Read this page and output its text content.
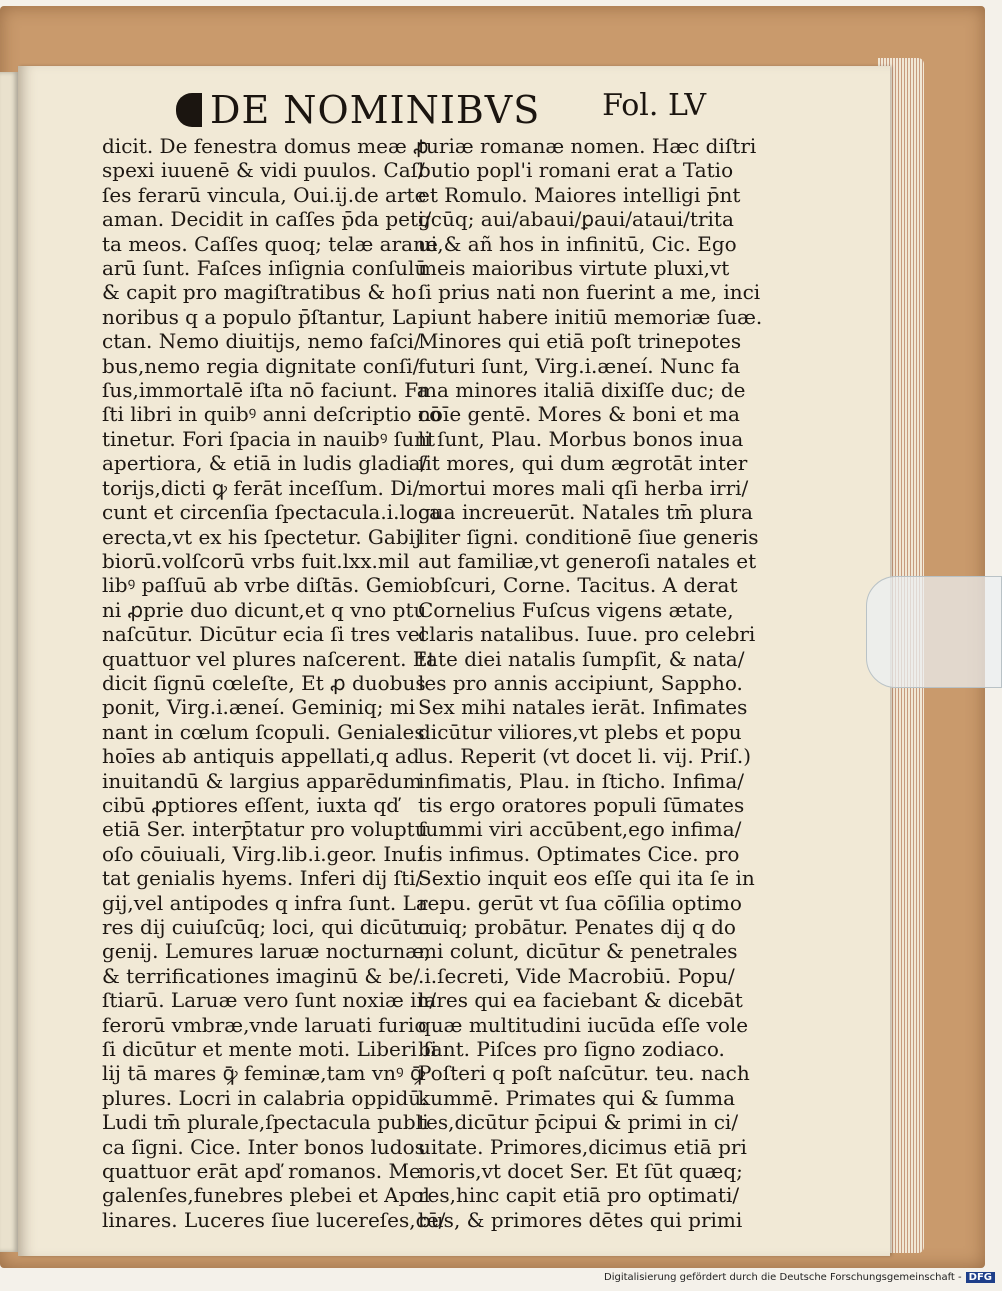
DE NOMINIBVS Fol. LV
dicit. De fenestra domus meæ ꝓ
spexi iuuenē & vidi puulos. Caſ/
ſes ferarū vincula, Oui.ij.de arte
aman. Decidit in caſſes p̄da peti/
ta meos. Caſſes quoq; telæ arane
arū ſunt. Faſces inſignia conſulū
& capit pro magiſtratibus & ho
noribus q a populo p̄ſtantur, La
ctan. Nemo diuitijs, nemo faſci/
bus,nemo regia dignitate conſi/
ſus,immortalē iſta nō faciunt. Fa
ſti libri in quibꝰ anni deſcriptio cō
tinetur. Fori ſpacia in nauibꝰ ſunt
apertiora, & etiā in ludis gladia/
torijs,dicti ꝙ ferāt inceſſum. Di/
cunt et circenſia ſpectacula.i.loca
erecta,vt ex his ſpectetur. Gabij
biorū.volſcorū vrbs fuit.lxx.mil
libꝰ paſſuū ab vrbe diſtās. Gemi
ni ꝓprie duo dicunt,et q vno ptu
naſcūtur. Dicūtur ecia ſi tres vel
quattuor vel plures naſcerent. Et
dicit ſignū cœleſte, Et ꝓ duobus
ponit, Virg.i.æneí. Geminiq; mi
nant in cœlum ſcopuli. Geniales
hoīes ab antiquis appellati,q ad
inuitandū & largius apparēdum
cibū ꝓptiores eſſent, iuxta qď
etiā Ser. interp̄tatur pro voluptu
oſo cōuiuali, Virg.lib.i.geor. Inuí
tat genialis hyems. Inferi dij ſti/
gij,vel antipodes q infra ſunt. La
res dij cuiuſcūq; loci, qui dicūtur
genij. Lemures laruæ nocturnæ,
& terrificationes imaginū & be/
ſtiarū. Laruæ vero ſunt noxiæ in/
ferorū vmbræ,vnde laruati furio
ſi dicūtur et mente moti. Liberi ſi
lij tā mares ꝙ̄ feminæ,tam vnꝰ ꝙ̄
plures. Locri in calabria oppidū.
Ludi tm̄ plurale,ſpectacula publi
ca ſigni. Cice. Inter bonos ludos
quattuor erāt apď romanos. Me
galenſes,funebres plebei et Apol
linares. Luceres ſiue lucereſes,cē/
turiæ romanæ nomen. Hæc diſtri
butio popl'i romani erat a Tatio
et Romulo. Maiores intelligi p̄nt
gcūq; aui/abaui/ꝑaui/ataui/trita
ui,& añ hos in infinitū, Cic. Ego
meis maioribus virtute pluxi,vt
ſi prius nati non fuerint a me, inci
piunt habere initiū memoriæ ſuæ.
Minores qui etiā poſt trinepotes
futuri ſunt, Virg.i.æneí. Nunc fa
ma minores italiā dixiſſe duc; de
noīe gentē. Mores & boni et ma
li ſunt, Plau. Morbus bonos inua
ſit mores, qui dum ægrotāt inter
mortui mores mali qſi herba irri/
gua increuerūt. Natales tm̄ plura
liter ſigni. conditionē ſiue generis
aut familiæ,vt generoſi natales et
obſcuri, Corne. Tacitus. A derat
Cornelius Fuſcus vigens ætate,
claris natalibus. Iuue. pro celebri
tate diei natalis ſumpſit, & nata/
les pro annis accipiunt, Sappho.
Sex mihi natales ierāt. Infimates
dicūtur viliores,vt plebs et popu
lus. Reperit (vt docet li. vij. Priſ.)
infimatis, Plau. in ſticho. Infima/
tis ergo oratores populi ſūmates
ſummi viri accūbent,ego infima/
tis infimus. Optimates Cice. pro
Sextio inquit eos eſſe qui ita ſe in
repu. gerūt vt ſua cōſilia optimo
cuiq; probātur. Penates dij q do
mi colunt, dicūtur & penetrales
.i.ſecreti, Vide Macrobiū. Popu/
lares qui ea faciebant & dicebāt
quæ multitudini iucūda eſſe vole
bant. Piſces pro ſigno zodiaco.
Poſteri q poſt naſcūtur. teu. nach
kummē. Primates qui & ſumma
tes,dicūtur p̄cipui & primi in ci/
uitate. Primores,dicimus etiā pri
moris,vt docet Ser. Et ſūt quæq;
res,hinc capit etiā pro optimati/
bus, & primores dētes qui primi
Digitalisierung gefördert durch die Deutsche Forschungsgemeinschaft - DFG
